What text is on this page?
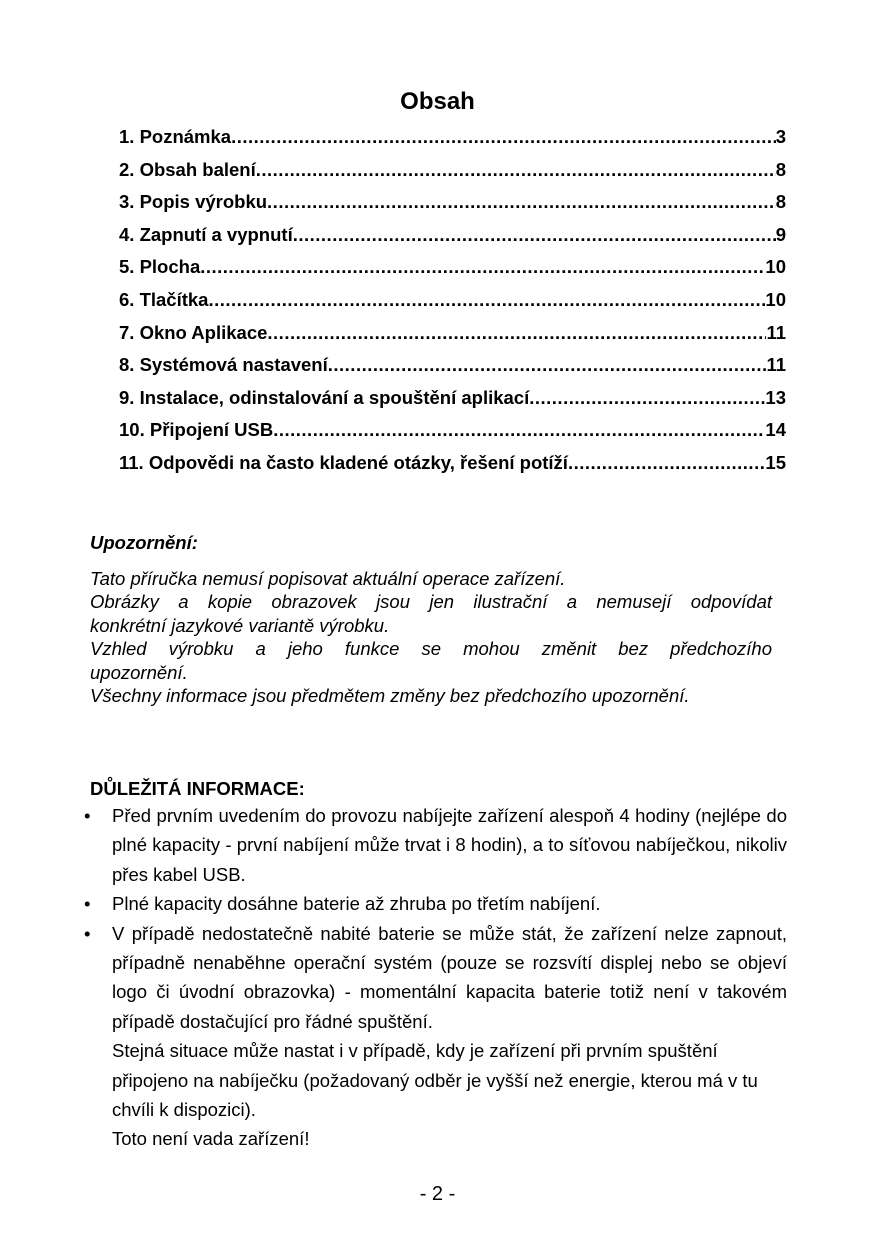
Obsah
1. Poznámka .....	3
2. Obsah balení .....	8
3. Popis výrobku .....	8
4. Zapnutí a vypnutí .....	9
5. Plocha .....	10
6. Tlačítka .....	10
7. Okno Aplikace .....	11
8. Systémová nastavení .....	11
9. Instalace, odinstalování a spouštění aplikací .....	13
10. Připojení USB .....	14
11. Odpovědi na často kladené otázky, řešení potíží .....	15
Upozornění:

Tato příručka nemusí popisovat aktuální operace zařízení.

Obrázky a kopie obrazovek jsou jen ilustrační a nemusejí odpovídat

konkrétní jazykové variantě výrobku.

Vzhled výrobku a jeho funkce se mohou změnit bez předchozího

upozornění.

Všechny informace jsou předmětem změny bez předchozího upozornění.

DŮLEŽITÁ INFORMACE:
•	Před prvním uvedením do provozu nabíjejte zařízení alespoň 4 hodiny (nejlépe do plné kapacity - první nabíjení může trvat i 8 hodin), a to síťovou nabíječkou, nikoliv přes kabel USB.
•	Plné kapacity dosáhne baterie až zhruba po třetím nabíjení.
•	V případě nedostatečně nabité baterie se může stát, že zařízení nelze zapnout, případně nenaběhne operační systém (pouze se rozsvítí displej nebo se objeví logo či úvodní obrazovka) - momentální kapacita baterie totiž není v takovém případě dostačující pro řádné spuštění.

Stejná situace může nastat i v případě, kdy je zařízení při prvním spuštění připojeno na nabíječku (požadovaný odběr je vyšší než energie, kterou má v tu chvíli k dispozici).

Toto není vada zařízení!

- 2 -
